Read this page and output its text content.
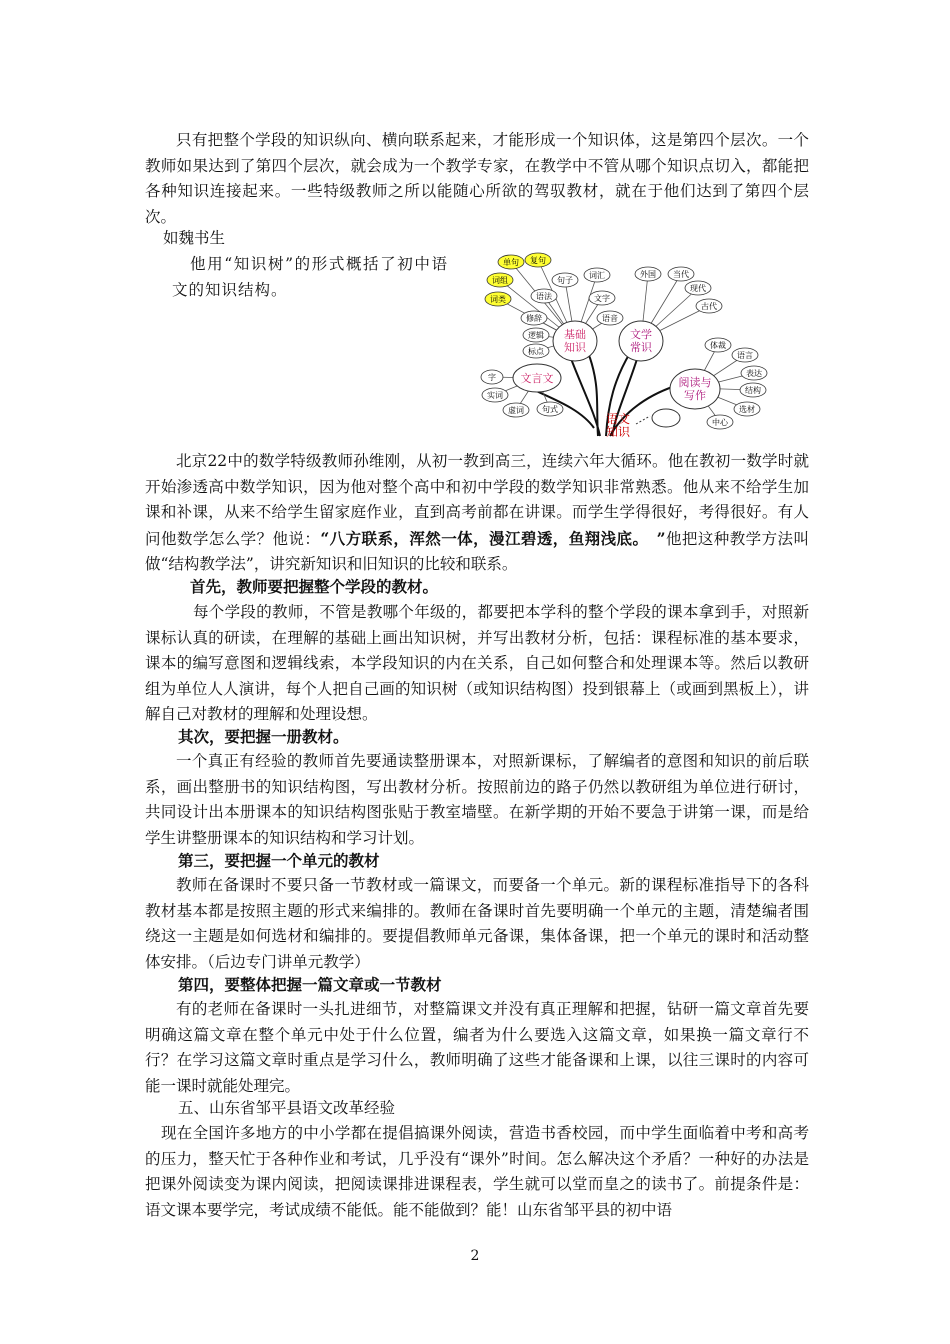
只有把整个学段的知识纵向、横向联系起来，才能形成一个知识体，这是第四个层次。一个教师如果达到了第四个层次，就会成为一个教学专家，在教学中不管从哪个知识点切入，都能把各种知识连接起来。一些特级教师之所以能随心所欲的驾驭教材，就在于他们达到了第四个层次。

如魏书生

他用“知识树”的形式概括了初中语文的知识结构。

基础
知识
文学
常识
文言文	阅读与
写作
语文
知识
单句 复句
词组
词类
句子
词汇
语法	文字
修辞
逻辑
标点
语音
外国 当代
现代
古代
字
实词
虚词 句式
体裁
语言
表达
结构
选材
中心

北京22中的数学特级教师孙维刚，从初一教到高三，连续六年大循环。他在教初一数学时就开始渗透高中数学知识，因为他对整个高中和初中学段的数学知识非常熟悉。他从来不给学生加课和补课，从来不给学生留家庭作业，直到高考前都在讲课。而学生学得很好，考得很好。有人问他数学怎么学？他说：“八方联系，浑然一体，漫江碧透，鱼翔浅底。　”他把这种教学方法叫做“结构教学法”，讲究新知识和旧知识的比较和联系。

首先，教师要把握整个学段的教材。

每个学段的教师，不管是教哪个年级的，都要把本学科的整个学段的课本拿到手，对照新课标认真的研读，在理解的基础上画出知识树，并写出教材分析，包括：课程标准的基本要求，课本的编写意图和逻辑线索，本学段知识的内在关系，自己如何整合和处理课本等。然后以教研组为单位人人演讲，每个人把自己画的知识树（或知识结构图）投到银幕上（或画到黑板上），讲解自己对教材的理解和处理设想。

其次，要把握一册教材。

一个真正有经验的教师首先要通读整册课本，对照新课标，了解编者的意图和知识的前后联系，画出整册书的知识结构图，写出教材分析。按照前边的路子仍然以教研组为单位进行研讨，共同设计出本册课本的知识结构图张贴于教室墙壁。在新学期的开始不要急于讲第一课，而是给学生讲整册课本的知识结构和学习计划。

第三，要把握一个单元的教材

教师在备课时不要只备一节教材或一篇课文，而要备一个单元。新的课程标准指导下的各科教材基本都是按照主题的形式来编排的。教师在备课时首先要明确一个单元的主题，清楚编者围绕这一主题是如何选材和编排的。要提倡教师单元备课，集体备课，把一个单元的课时和活动整体安排。（后边专门讲单元教学）

第四，要整体把握一篇文章或一节教材

有的老师在备课时一头扎进细节，对整篇课文并没有真正理解和把握，钻研一篇文章首先要明确这篇文章在整个单元中处于什么位置，编者为什么要选入这篇文章，如果换一篇文章行不行？在学习这篇文章时重点是学习什么，教师明确了这些才能备课和上课，以往三课时的内容可能一课时就能处理完。

五、山东省邹平县语文改革经验

现在全国许多地方的中小学都在提倡搞课外阅读，营造书香校园，而中学生面临着中考和高考的压力，整天忙于各种作业和考试，几乎没有“课外”时间。怎么解决这个矛盾？一种好的办法是把课外阅读变为课内阅读，把阅读课排进课程表，学生就可以堂而皇之的读书了。前提条件是：语文课本要学完，考试成绩不能低。能不能做到？能！山东省邹平县的初中语

2
